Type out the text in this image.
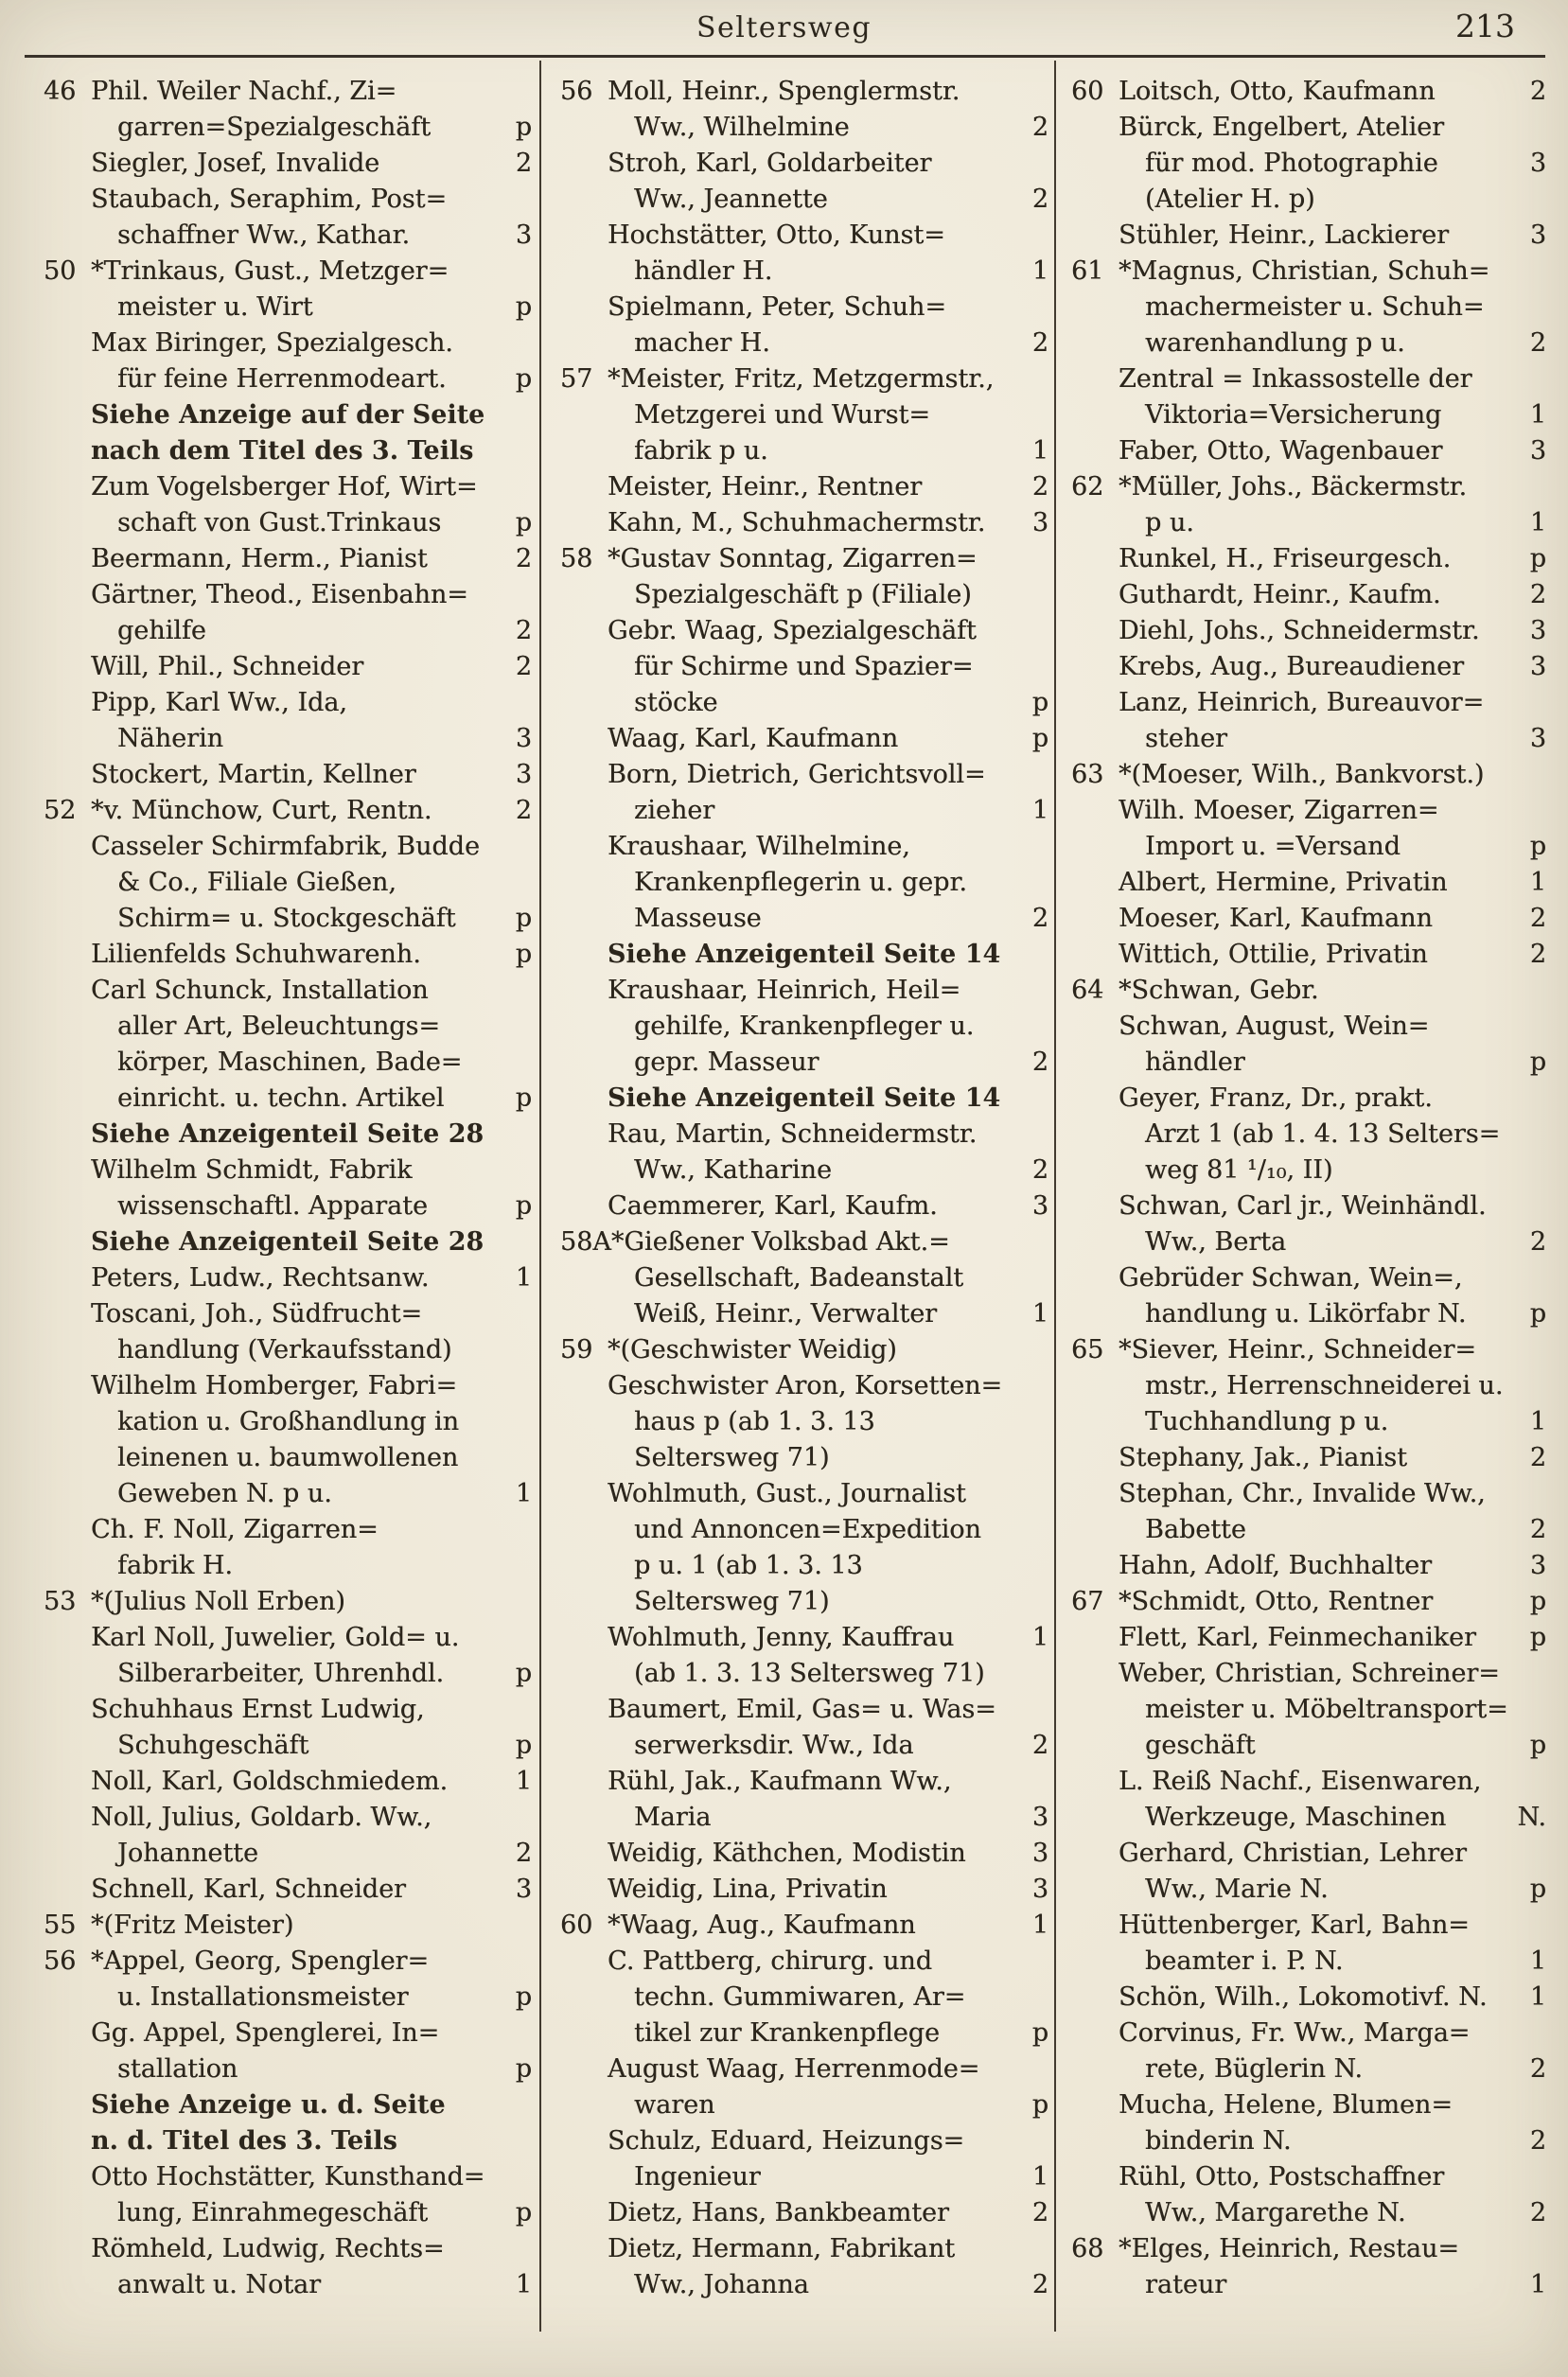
Seltersweg	213
46 Phil. Weiler Nachf., Zi=
garren=Spezialgeschäft	p
Siegler, Josef, Invalide	2
Staubach, Seraphim, Post=
schaffner Ww., Kathar.	3
50 *Trinkaus, Gust., Metzger=
meister u. Wirt	p
Max Biringer, Spezialgesch.
für feine Herrenmodeart.	p
Siehe Anzeige auf der Seite
nach dem Titel des 3. Teils
Zum Vogelsberger Hof, Wirt=
schaft von Gust.Trinkaus	p
Beermann, Herm., Pianist	2
Gärtner, Theod., Eisenbahn=
gehilfe	2
Will, Phil., Schneider	2
Pipp, Karl Ww., Ida,
Näherin	3
Stockert, Martin, Kellner	3
52 *v. Münchow, Curt, Rentn.	2
Casseler Schirmfabrik, Budde
& Co., Filiale Gießen,
Schirm= u. Stockgeschäft	p
Lilienfelds Schuhwarenh.	p
Carl Schunck, Installation
aller Art, Beleuchtungs=
körper, Maschinen, Bade=
einricht. u. techn. Artikel	p
Siehe Anzeigenteil Seite 28
Wilhelm Schmidt, Fabrik
wissenschaftl. Apparate	p
Siehe Anzeigenteil Seite 28
Peters, Ludw., Rechtsanw.	1
Toscani, Joh., Südfrucht=
handlung (Verkaufsstand)
Wilhelm Homberger, Fabri=
kation u. Großhandlung in
leinenen u. baumwollenen
Geweben N. p u.	1
Ch. F. Noll, Zigarren=
fabrik H.
53 *(Julius Noll Erben)
Karl Noll, Juwelier, Gold= u.
Silberarbeiter, Uhrenhdl.	p
Schuhhaus Ernst Ludwig,
Schuhgeschäft	p
Noll, Karl, Goldschmiedem.	1
Noll, Julius, Goldarb. Ww.,
Johannette	2
Schnell, Karl, Schneider	3
55 *(Fritz Meister)
56 *Appel, Georg, Spengler=
u. Installationsmeister	p
Gg. Appel, Spenglerei, In=
stallation	p
Siehe Anzeige u. d. Seite
n. d. Titel des 3. Teils
Otto Hochstätter, Kunsthand=
lung, Einrahmegeschäft	p
Römheld, Ludwig, Rechts=
anwalt u. Notar	1
56 Moll, Heinr., Spenglermstr.
Ww., Wilhelmine	2
Stroh, Karl, Goldarbeiter
Ww., Jeannette	2
Hochstätter, Otto, Kunst=
händler H.	1
Spielmann, Peter, Schuh=
macher H.	2
57 *Meister, Fritz, Metzgermstr.,
Metzgerei und Wurst=
fabrik p u.	1
Meister, Heinr., Rentner	2
Kahn, M., Schuhmachermstr.	3
58 *Gustav Sonntag, Zigarren=
Spezialgeschäft p (Filiale)
Gebr. Waag, Spezialgeschäft
für Schirme und Spazier=
stöcke	p
Waag, Karl, Kaufmann	p
Born, Dietrich, Gerichtsvoll=
zieher	1
Kraushaar, Wilhelmine,
Krankenpflegerin u. gepr.
Masseuse	2
Siehe Anzeigenteil Seite 14
Kraushaar, Heinrich, Heil=
gehilfe, Krankenpfleger u.
gepr. Masseur	2
Siehe Anzeigenteil Seite 14
Rau, Martin, Schneidermstr.
Ww., Katharine	2
Caemmerer, Karl, Kaufm.	3
58A *Gießener Volksbad Akt.=
Gesellschaft, Badeanstalt
Weiß, Heinr., Verwalter	1
59 *(Geschwister Weidig)
Geschwister Aron, Korsetten=
haus p (ab 1. 3. 13
Seltersweg 71)
Wohlmuth, Gust., Journalist
und Annoncen=Expedition
p u. 1 (ab 1. 3. 13
Seltersweg 71)
Wohlmuth, Jenny, Kauffrau	1
(ab 1. 3. 13 Seltersweg 71)
Baumert, Emil, Gas= u. Was=
serwerksdir. Ww., Ida	2
Rühl, Jak., Kaufmann Ww.,
Maria	3
Weidig, Käthchen, Modistin	3
Weidig, Lina, Privatin	3
60 *Waag, Aug., Kaufmann	1
C. Pattberg, chirurg. und
techn. Gummiwaren, Ar=
tikel zur Krankenpflege	p
August Waag, Herrenmode=
waren	p
Schulz, Eduard, Heizungs=
Ingenieur	1
Dietz, Hans, Bankbeamter	2
Dietz, Hermann, Fabrikant
Ww., Johanna	2
60 Loitsch, Otto, Kaufmann	2
Bürck, Engelbert, Atelier
für mod. Photographie	3
(Atelier H. p)
Stühler, Heinr., Lackierer	3
61 *Magnus, Christian, Schuh=
machermeister u. Schuh=
warenhandlung p u.	2
Zentral = Inkassostelle der
Viktoria=Versicherung	1
Faber, Otto, Wagenbauer	3
62 *Müller, Johs., Bäckermstr.
p u.	1
Runkel, H., Friseurgesch.	p
Guthardt, Heinr., Kaufm.	2
Diehl, Johs., Schneidermstr.	3
Krebs, Aug., Bureaudiener	3
Lanz, Heinrich, Bureauvor=
steher	3
63 *(Moeser, Wilh., Bankvorst.)
Wilh. Moeser, Zigarren=
Import u. =Versand	p
Albert, Hermine, Privatin	1
Moeser, Karl, Kaufmann	2
Wittich, Ottilie, Privatin	2
64 *Schwan, Gebr.
Schwan, August, Wein=
händler	p
Geyer, Franz, Dr., prakt.
Arzt 1 (ab 1. 4. 13 Selters=
weg 81 ¹/₁₀, II)
Schwan, Carl jr., Weinhändl.
Ww., Berta	2
Gebrüder Schwan, Wein=,
handlung u. Likörfabr N.	p
65 *Siever, Heinr., Schneider=
mstr., Herrenschneiderei u.
Tuchhandlung p u.	1
Stephany, Jak., Pianist	2
Stephan, Chr., Invalide Ww.,
Babette	2
Hahn, Adolf, Buchhalter	3
67 *Schmidt, Otto, Rentner	p
Flett, Karl, Feinmechaniker	p
Weber, Christian, Schreiner=
meister u. Möbeltransport=
geschäft	p
L. Reiß Nachf., Eisenwaren,
Werkzeuge, Maschinen	N.
Gerhard, Christian, Lehrer
Ww., Marie N.	p
Hüttenberger, Karl, Bahn=
beamter i. P. N.	1
Schön, Wilh., Lokomotivf. N.	1
Corvinus, Fr. Ww., Marga=
rete, Büglerin N.	2
Mucha, Helene, Blumen=
binderin N.	2
Rühl, Otto, Postschaffner
Ww., Margarethe N.	2
68 *Elges, Heinrich, Restau=
rateur	1
